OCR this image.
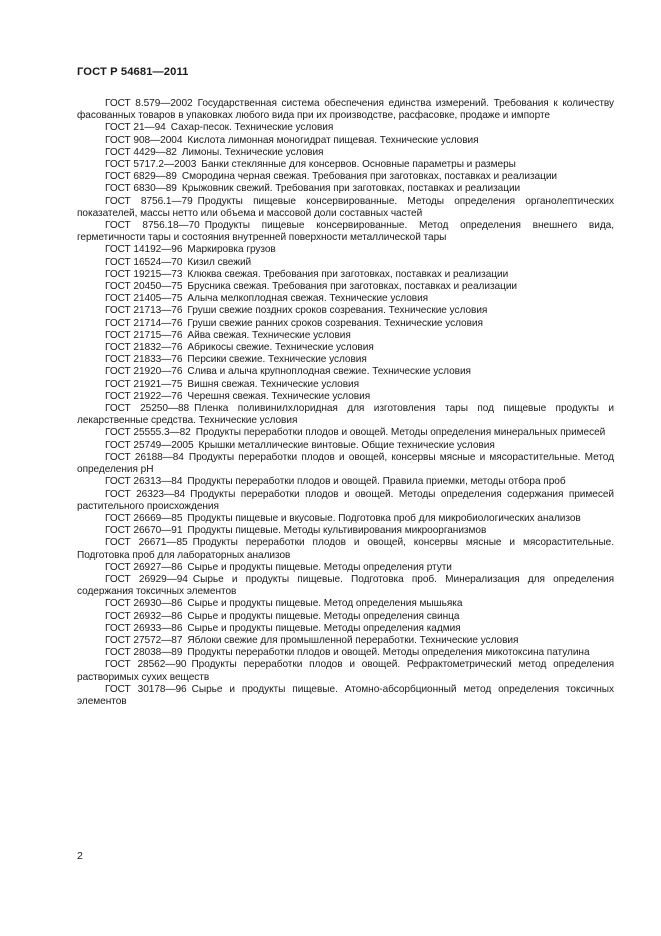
ГОСТ Р 54681—2011

ГОСТ 8.579—2002 Государственная система обеспечения единства измерений. Требования к количеству фасованных товаров в упаковках любого вида при их производстве, расфасовке, продаже и импорте

ГОСТ 21—94 Сахар-песок. Технические условия

ГОСТ 908—2004 Кислота лимонная моногидрат пищевая. Технические условия

ГОСТ 4429—82 Лимоны. Технические условия

ГОСТ 5717.2—2003 Банки стеклянные для консервов. Основные параметры и размеры

ГОСТ 6829—89 Смородина черная свежая. Требования при заготовках, поставках и реализации

ГОСТ 6830—89 Крыжовник свежий. Требования при заготовках, поставках и реализации

ГОСТ 8756.1—79 Продукты пищевые консервированные. Методы определения органолептических показателей, массы нетто или объема и массовой доли составных частей

ГОСТ 8756.18—70 Продукты пищевые консервированные. Метод определения внешнего вида, герметичности тары и состояния внутренней поверхности металлической тары

ГОСТ 14192—96 Маркировка грузов

ГОСТ 16524—70 Кизил свежий

ГОСТ 19215—73 Клюква свежая. Требования при заготовках, поставках и реализации

ГОСТ 20450—75 Брусника свежая. Требования при заготовках, поставках и реализации

ГОСТ 21405—75 Алыча мелкоплодная свежая. Технические условия

ГОСТ 21713—76 Груши свежие поздних сроков созревания. Технические условия

ГОСТ 21714—76 Груши свежие ранних сроков созревания. Технические условия

ГОСТ 21715—76 Айва свежая. Технические условия

ГОСТ 21832—76 Абрикосы свежие. Технические условия

ГОСТ 21833—76 Персики свежие. Технические условия

ГОСТ 21920—76 Слива и алыча крупноплодная свежие. Технические условия

ГОСТ 21921—75 Вишня свежая. Технические условия

ГОСТ 21922—76 Черешня свежая. Технические условия

ГОСТ 25250—88 Пленка поливинилхлоридная для изготовления тары под пищевые продукты и лекарственные средства. Технические условия

ГОСТ 25555.3—82 Продукты переработки плодов и овощей. Методы определения минеральных примесей

ГОСТ 25749—2005 Крышки металлические винтовые. Общие технические условия

ГОСТ 26188—84 Продукты переработки плодов и овощей, консервы мясные и мясорастительные. Метод определения pH

ГОСТ 26313—84 Продукты переработки плодов и овощей. Правила приемки, методы отбора проб

ГОСТ 26323—84 Продукты переработки плодов и овощей. Методы определения содержания примесей растительного происхождения

ГОСТ 26669—85 Продукты пищевые и вкусовые. Подготовка проб для микробиологических анализов

ГОСТ 26670—91 Продукты пищевые. Методы культивирования микроорганизмов

ГОСТ 26671—85 Продукты переработки плодов и овощей, консервы мясные и мясорастительные. Подготовка проб для лабораторных анализов

ГОСТ 26927—86 Сырье и продукты пищевые. Методы определения ртути

ГОСТ 26929—94 Сырье и продукты пищевые. Подготовка проб. Минерализация для определения содержания токсичных элементов

ГОСТ 26930—86 Сырье и продукты пищевые. Метод определения мышьяка

ГОСТ 26932—86 Сырье и продукты пищевые. Методы определения свинца

ГОСТ 26933—86 Сырье и продукты пищевые. Методы определения кадмия

ГОСТ 27572—87 Яблоки свежие для промышленной переработки. Технические условия

ГОСТ 28038—89 Продукты переработки плодов и овощей. Методы определения микотоксина патулина

ГОСТ 28562—90 Продукты переработки плодов и овощей. Рефрактометрический метод определения растворимых сухих веществ

ГОСТ 30178—96 Сырье и продукты пищевые. Атомно-абсорбционный метод определения токсичных элементов

2
